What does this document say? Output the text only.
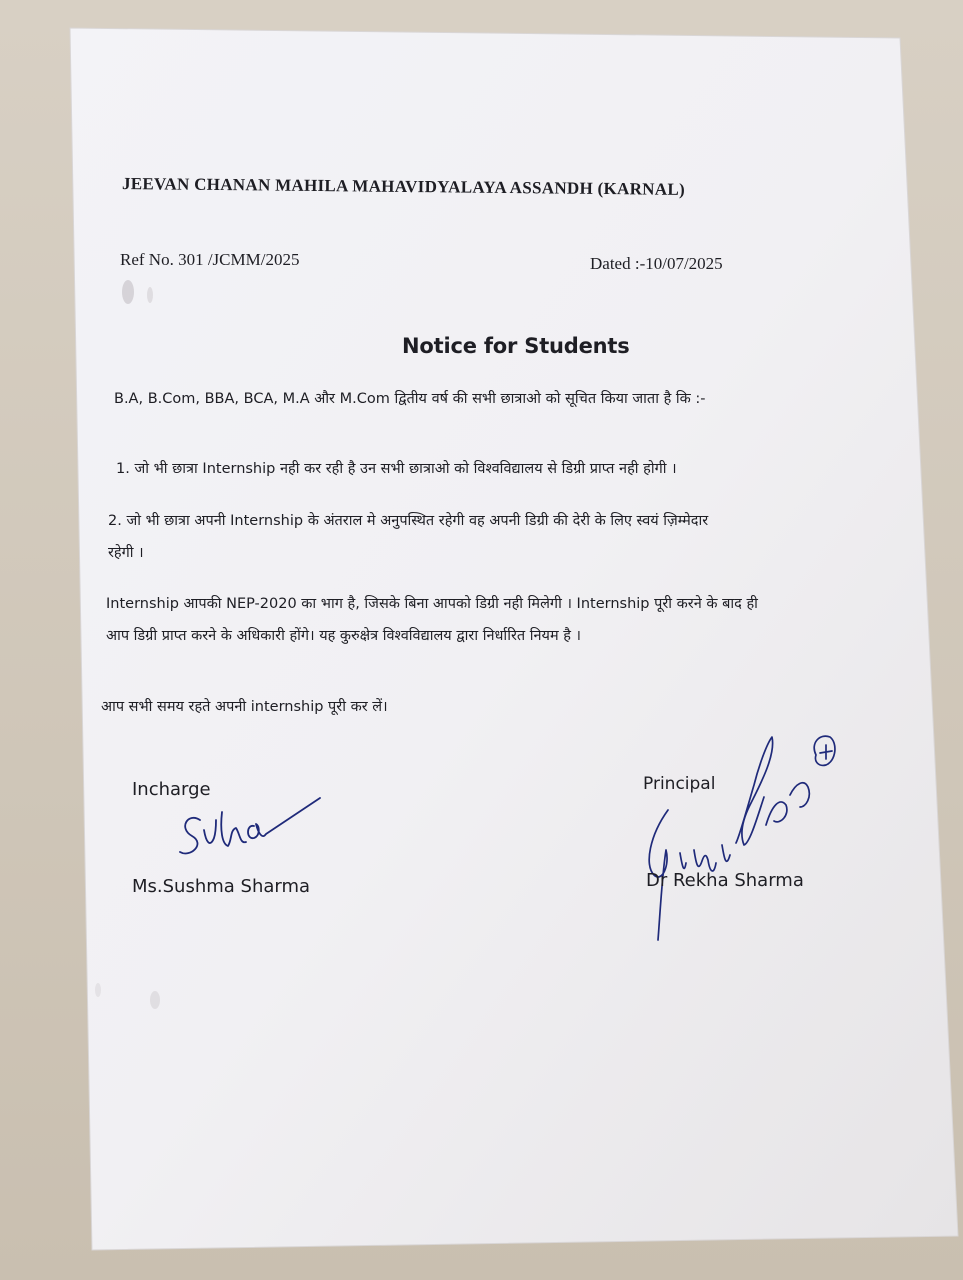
JEEVAN CHANAN MAHILA MAHAVIDYALAYA ASSANDH (KARNAL)
Ref No. 301 /JCMM/2025	Dated :-10/07/2025
Notice for Students
B.A, B.Com, BBA, BCA, M.A और M.Com द्वितीय वर्ष की सभी छात्राओ को सूचित किया जाता है कि :-
1. जो भी छात्रा Internship नही कर रही है उन सभी छात्राओ को विश्वविद्यालय से डिग्री प्राप्त नही होगी ।
2. जो भी छात्रा अपनी Internship के अंतराल मे अनुपस्थित रहेगी वह अपनी डिग्री की देरी के लिए स्वयं ज़िम्मेदार
रहेगी ।
Internship आपकी NEP-2020 का भाग है, जिसके बिना आपको डिग्री नही मिलेगी । Internship पूरी करने के बाद ही
आप डिग्री प्राप्त करने के अधिकारी होंगे। यह कुरुक्षेत्र विश्वविद्यालय द्वारा निर्धारित नियम है ।
आप सभी समय रहते अपनी internship पूरी कर लें।
Incharge	Principal
Ms.Sushma Sharma	Dr Rekha Sharma
